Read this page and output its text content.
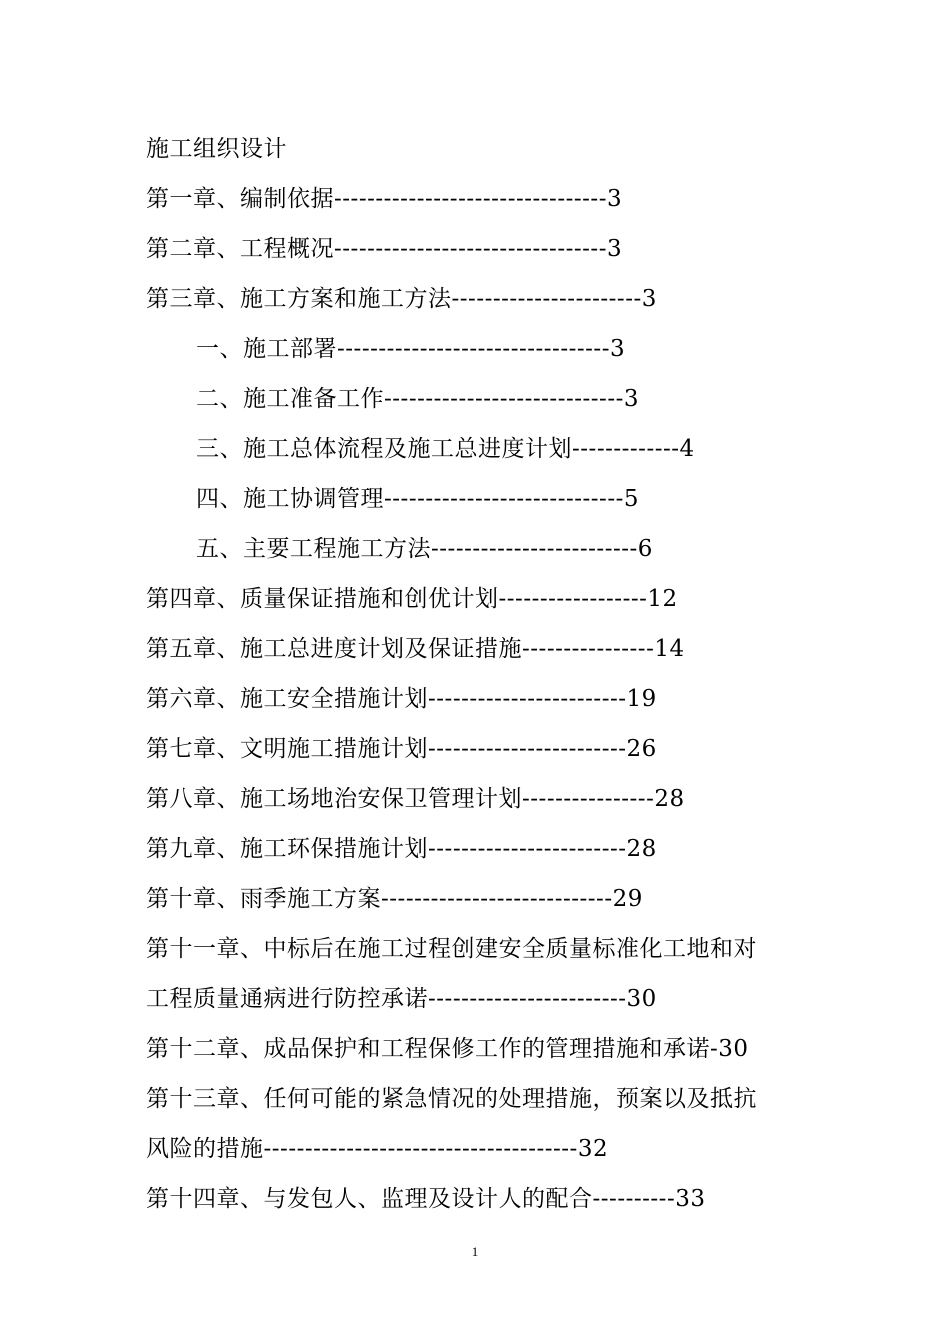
施工组织设计
第一章、编制依据---------------------------------3
第二章、工程概况---------------------------------3
第三章、施工方案和施工方法-----------------------3
一、施工部署---------------------------------3
二、施工准备工作-----------------------------3
三、施工总体流程及施工总进度计划-------------4
四、施工协调管理-----------------------------5
五、主要工程施工方法-------------------------6
第四章、质量保证措施和创优计划------------------12
第五章、施工总进度计划及保证措施----------------14
第六章、施工安全措施计划------------------------19
第七章、文明施工措施计划------------------------26
第八章、施工场地治安保卫管理计划----------------28
第九章、施工环保措施计划------------------------28
第十章、雨季施工方案----------------------------29
第十一章、中标后在施工过程创建安全质量标准化工地和对
工程质量通病进行防控承诺------------------------30
第十二章、成品保护和工程保修工作的管理措施和承诺-30
第十三章、任何可能的紧急情况的处理措施，预案以及抵抗
风险的措施--------------------------------------32
第十四章、与发包人、监理及设计人的配合----------33
1
